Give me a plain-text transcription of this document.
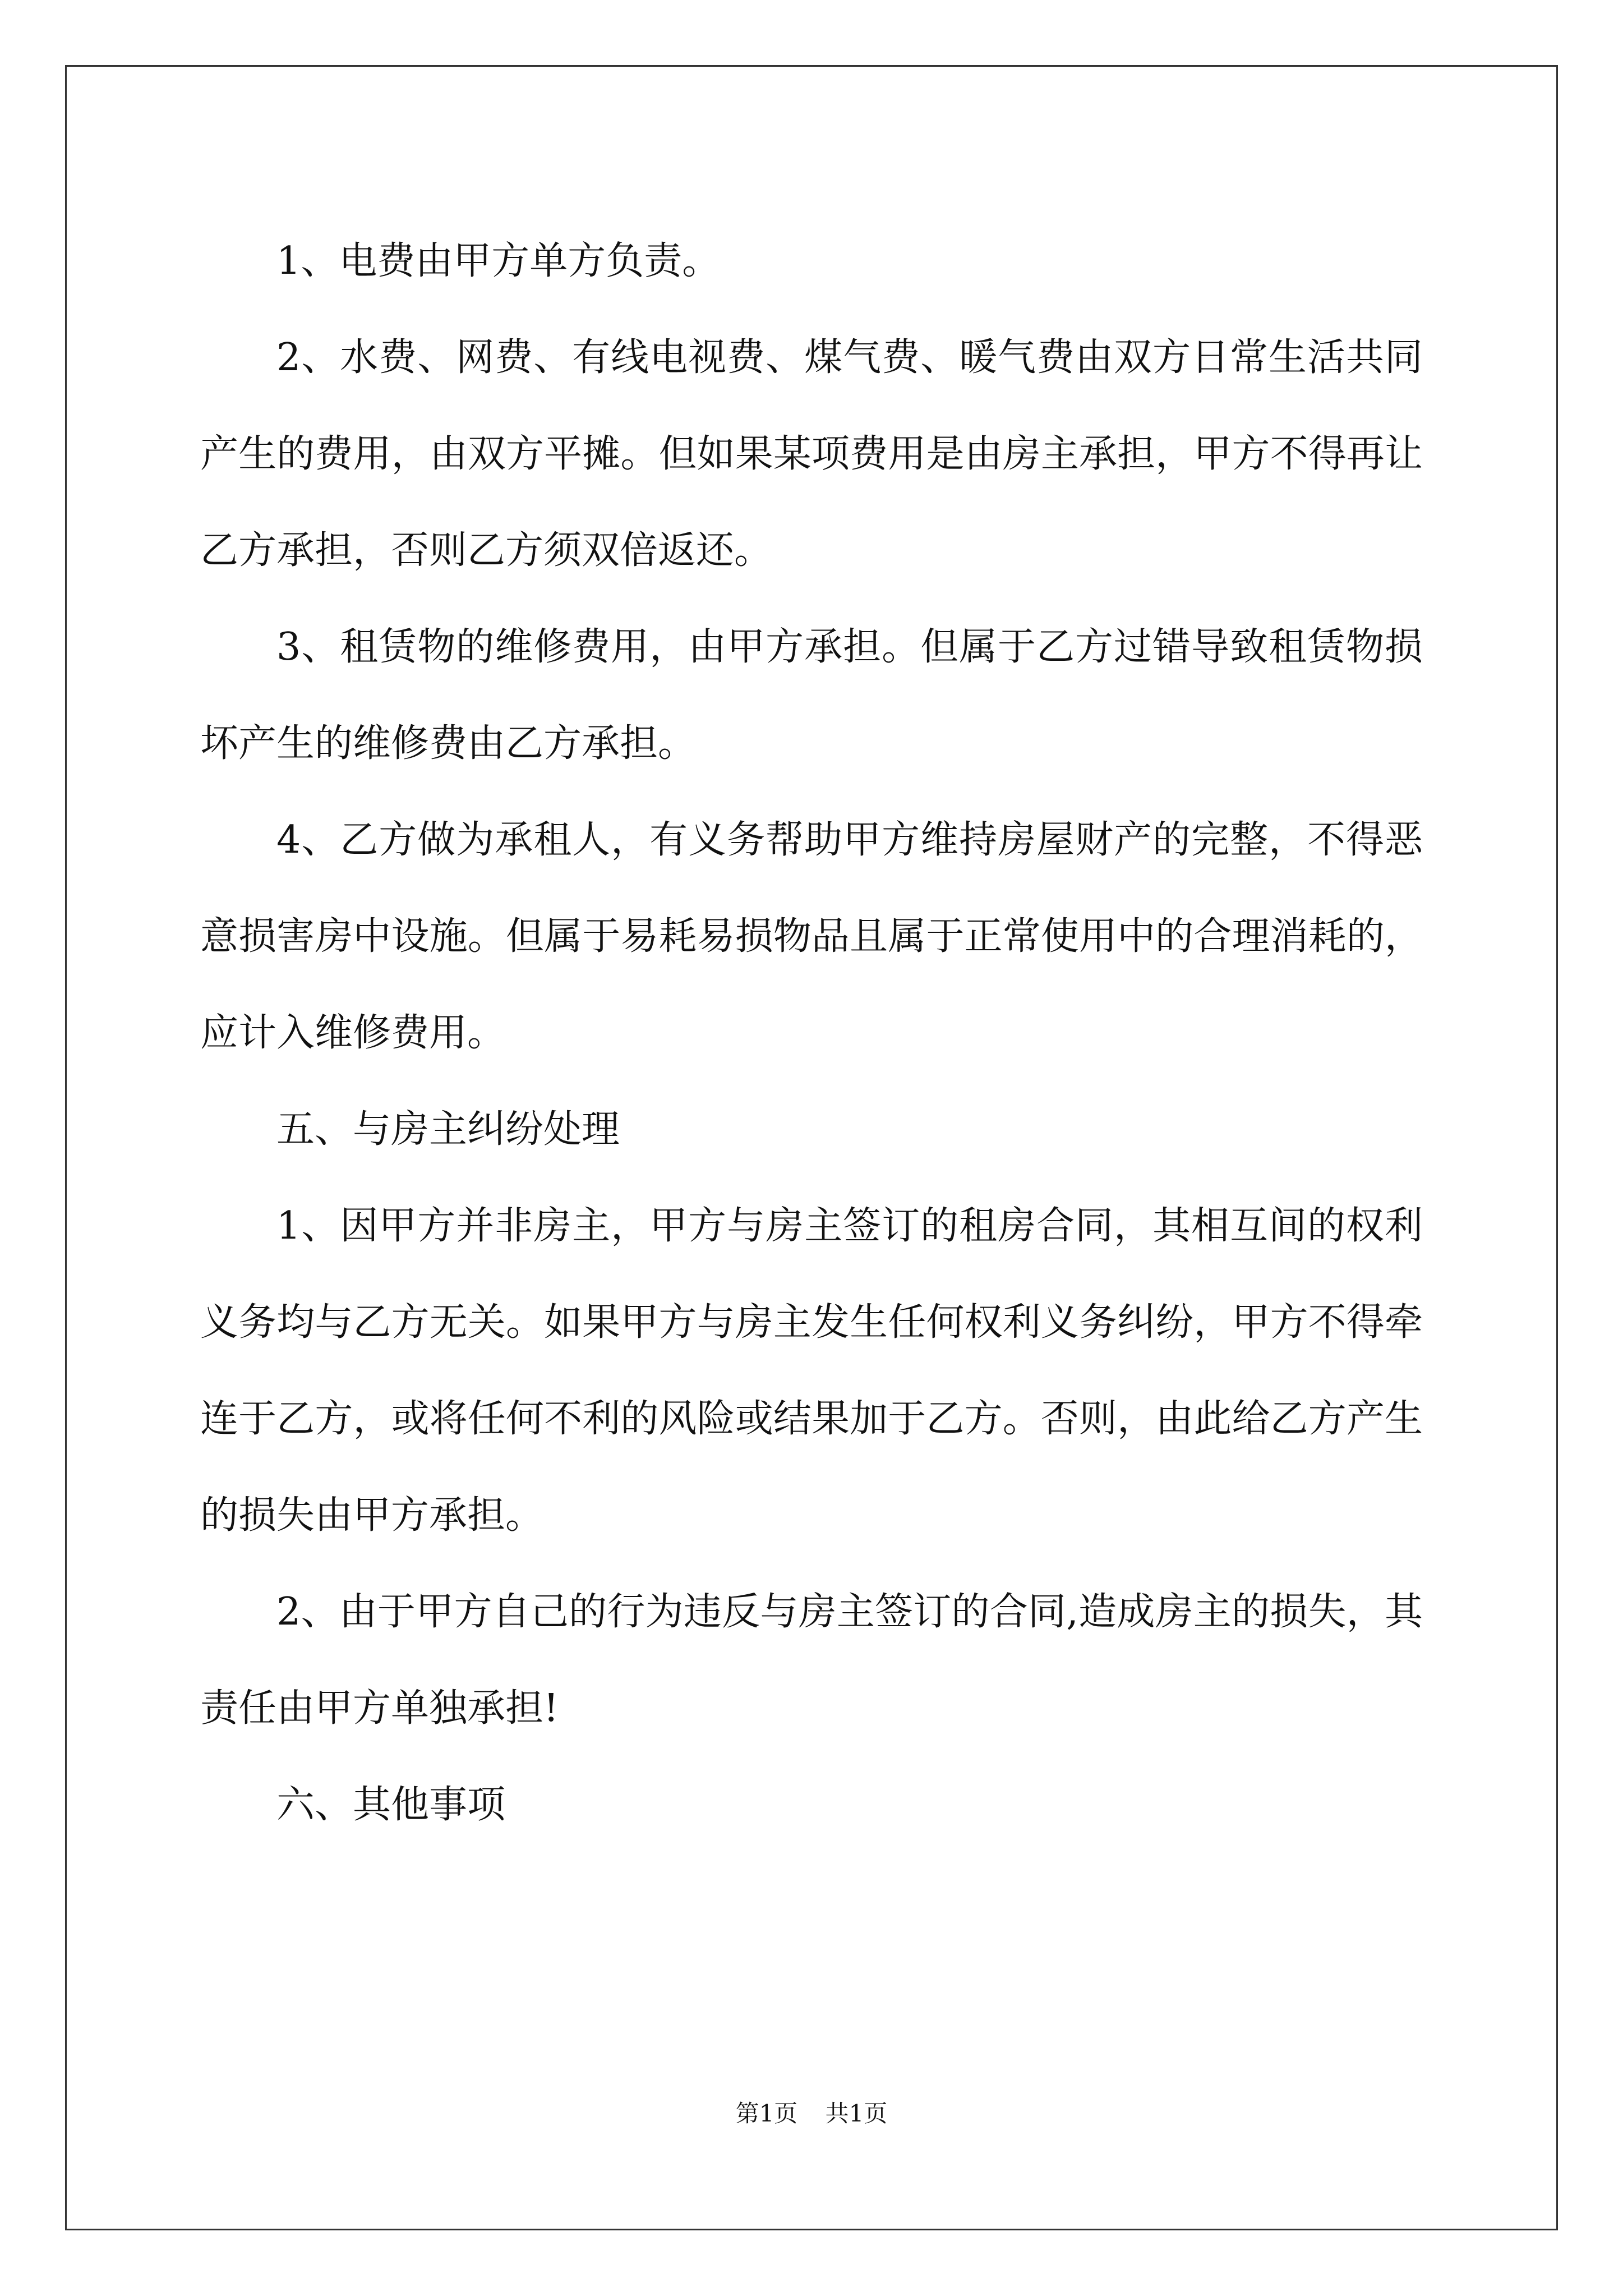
1、电费由甲方单方负责。

2、水费、网费、有线电视费、煤气费、暖气费由双方日常生活共同产生的费用，由双方平摊。但如果某项费用是由房主承担，甲方不得再让乙方承担，否则乙方须双倍返还。

3、租赁物的维修费用，由甲方承担。但属于乙方过错导致租赁物损坏产生的维修费由乙方承担。

4、乙方做为承租人，有义务帮助甲方维持房屋财产的完整，不得恶意损害房中设施。但属于易耗易损物品且属于正常使用中的合理消耗的，应计入维修费用。

五、与房主纠纷处理

1、因甲方并非房主，甲方与房主签订的租房合同，其相互间的权利义务均与乙方无关。如果甲方与房主发生任何权利义务纠纷，甲方不得牵连于乙方，或将任何不利的风险或结果加于乙方。否则，由此给乙方产生的损失由甲方承担。

2、由于甲方自己的行为违反与房主签订的合同,造成房主的损失，其责任由甲方单独承担!

六、其他事项

第1页 共1页
